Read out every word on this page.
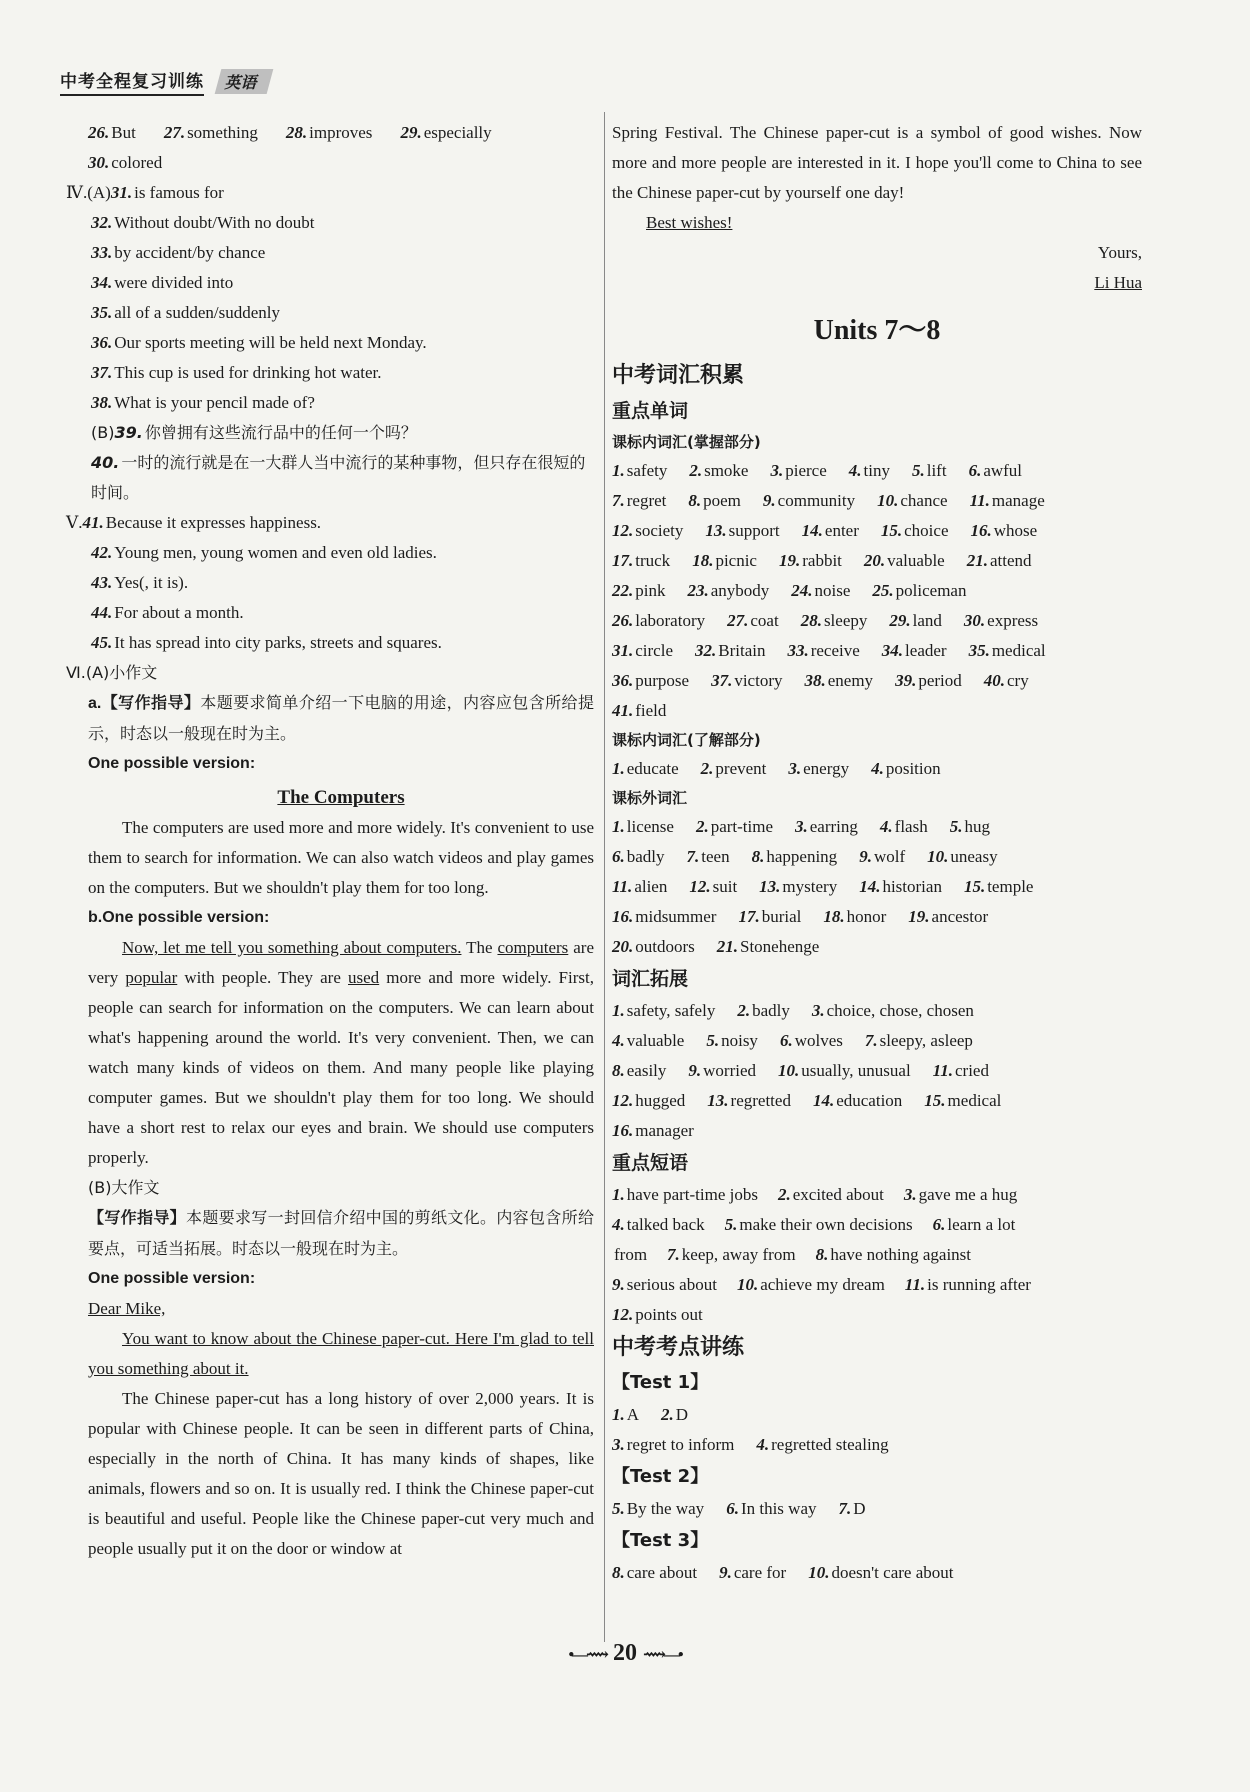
中考全程复习训练	英语
26. But 27. something 28. improves 29. especially
30. colored
Ⅳ.(A)31. is famous for
32. Without doubt/With no doubt
33. by accident/by chance
34. were divided into
35. all of a sudden/suddenly
36. Our sports meeting will be held next Monday.
37. This cup is used for drinking hot water.
38. What is your pencil made of?
(B)39. 你曾拥有这些流行品中的任何一个吗？
40. 一时的流行就是在一大群人当中流行的某种事物，但只存在很短的时间。
Ⅴ.41. Because it expresses happiness.
42. Young men, young women and even old ladies.
43. Yes(, it is).
44. For about a month.
45. It has spread into city parks, streets and squares.
Ⅵ.(A)小作文

a.【写作指导】本题要求简单介绍一下电脑的用途，内容应包含所给提示，时态以一般现在时为主。

One possible version:
The Computers

The computers are used more and more widely. It's convenient to use them to search for information. We can also watch videos and play games on the computers. But we shouldn't play them for too long.

b.One possible version:

Now, let me tell you something about computers. The computers are very popular with people. They are used more and more widely. First, people can search for information on the computers. We can learn about what's happening around the world. It's very convenient. Then, we can watch many kinds of videos on them. And many people like playing computer games. But we shouldn't play them for too long. We should have a short rest to relax our eyes and brain. We should use computers properly.

(B)大作文

【写作指导】本题要求写一封回信介绍中国的剪纸文化。内容包含所给要点，可适当拓展。时态以一般现在时为主。

One possible version:
Dear Mike,

You want to know about the Chinese paper-cut. Here I'm glad to tell you something about it.

The Chinese paper-cut has a long history of over 2,000 years. It is popular with Chinese people. It can be seen in different parts of China, especially in the north of China. It has many kinds of shapes, like animals, flowers and so on. It is usually red. I think the Chinese paper-cut is beautiful and useful. People like the Chinese paper-cut very much and people usually put it on the door or window at

Spring Festival. The Chinese paper-cut is a symbol of good wishes. Now more and more people are interested in it. I hope you'll come to China to see the Chinese paper-cut by yourself one day!

Best wishes!
Yours,
Li Hua
Units 7～8
中考词汇积累
重点单词
课标内词汇(掌握部分)
1. safety 2. smoke 3. pierce 4. tiny 5. lift 6. awful
7. regret 8. poem 9. community 10. chance 11. manage
12. society 13. support 14. enter 15. choice 16. whose
17. truck 18. picnic 19. rabbit 20. valuable 21. attend
22. pink 23. anybody 24. noise 25. policeman
26. laboratory 27. coat 28. sleepy 29. land 30. express
31. circle 32. Britain 33. receive 34. leader 35. medical
36. purpose 37. victory 38. enemy 39. period 40. cry
41. field
课标内词汇(了解部分)
1. educate 2. prevent 3. energy 4. position
课标外词汇
1. license 2. part-time 3. earring 4. flash 5. hug
6. badly 7. teen 8. happening 9. wolf 10. uneasy
11. alien 12. suit 13. mystery 14. historian 15. temple
16. midsummer 17. burial 18. honor 19. ancestor
20. outdoors 21. Stonehenge
词汇拓展
1. safety, safely 2. badly 3. choice, chose, chosen
4. valuable 5. noisy 6. wolves 7. sleepy, asleep
8. easily 9. worried 10. usually, unusual 11. cried
12. hugged 13. regretted 14. education 15. medical
16. manager
重点短语
1. have part-time jobs 2. excited about 3. gave me a hug
4. talked back 5. make their own decisions 6. learn a lot
from 7. keep, away from 8. have nothing against
9. serious about 10. achieve my dream 11. is running after
12. points out
中考考点讲练
【Test 1】
1. A 2. D
3. regret to inform 4. regretted stealing
【Test 2】
5. By the way 6. In this way 7. D
【Test 3】
8. care about 9. care for 10. doesn't care about
•—⟿ 20 ⟿—•
